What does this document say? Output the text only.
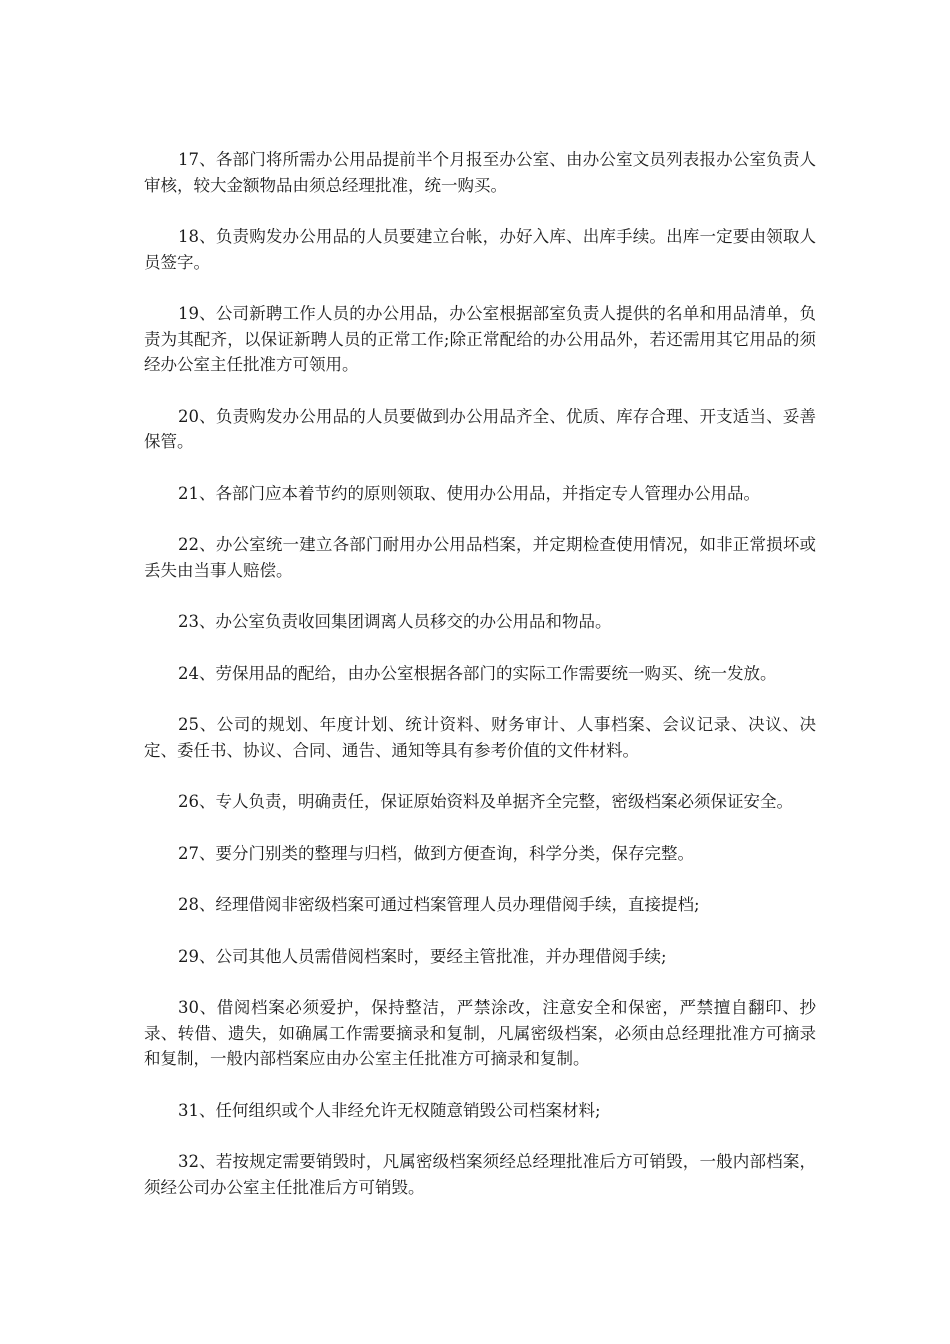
17、各部门将所需办公用品提前半个月报至办公室、由办公室文员列表报办公室负责人审核，较大金额物品由须总经理批准，统一购买。

18、负责购发办公用品的人员要建立台帐，办好入库、出库手续。出库一定要由领取人员签字。

19、公司新聘工作人员的办公用品，办公室根据部室负责人提供的名单和用品清单，负责为其配齐，以保证新聘人员的正常工作;除正常配给的办公用品外，若还需用其它用品的须经办公室主任批准方可领用。

20、负责购发办公用品的人员要做到办公用品齐全、优质、库存合理、开支适当、妥善保管。

21、各部门应本着节约的原则领取、使用办公用品，并指定专人管理办公用品。

22、办公室统一建立各部门耐用办公用品档案，并定期检查使用情况，如非正常损坏或丢失由当事人赔偿。

23、办公室负责收回集团调离人员移交的办公用品和物品。

24、劳保用品的配给，由办公室根据各部门的实际工作需要统一购买、统一发放。

25、公司的规划、年度计划、统计资料、财务审计、人事档案、会议记录、决议、决定、委任书、协议、合同、通告、通知等具有参考价值的文件材料。

26、专人负责，明确责任，保证原始资料及单据齐全完整，密级档案必须保证安全。

27、要分门别类的整理与归档，做到方便查询，科学分类，保存完整。

28、经理借阅非密级档案可通过档案管理人员办理借阅手续，直接提档;

29、公司其他人员需借阅档案时，要经主管批准，并办理借阅手续;

30、借阅档案必须爱护，保持整洁，严禁涂改，注意安全和保密，严禁擅自翻印、抄录、转借、遗失，如确属工作需要摘录和复制，凡属密级档案，必须由总经理批准方可摘录和复制，一般内部档案应由办公室主任批准方可摘录和复制。

31、任何组织或个人非经允许无权随意销毁公司档案材料;

32、若按规定需要销毁时，凡属密级档案须经总经理批准后方可销毁，一般内部档案，须经公司办公室主任批准后方可销毁。
